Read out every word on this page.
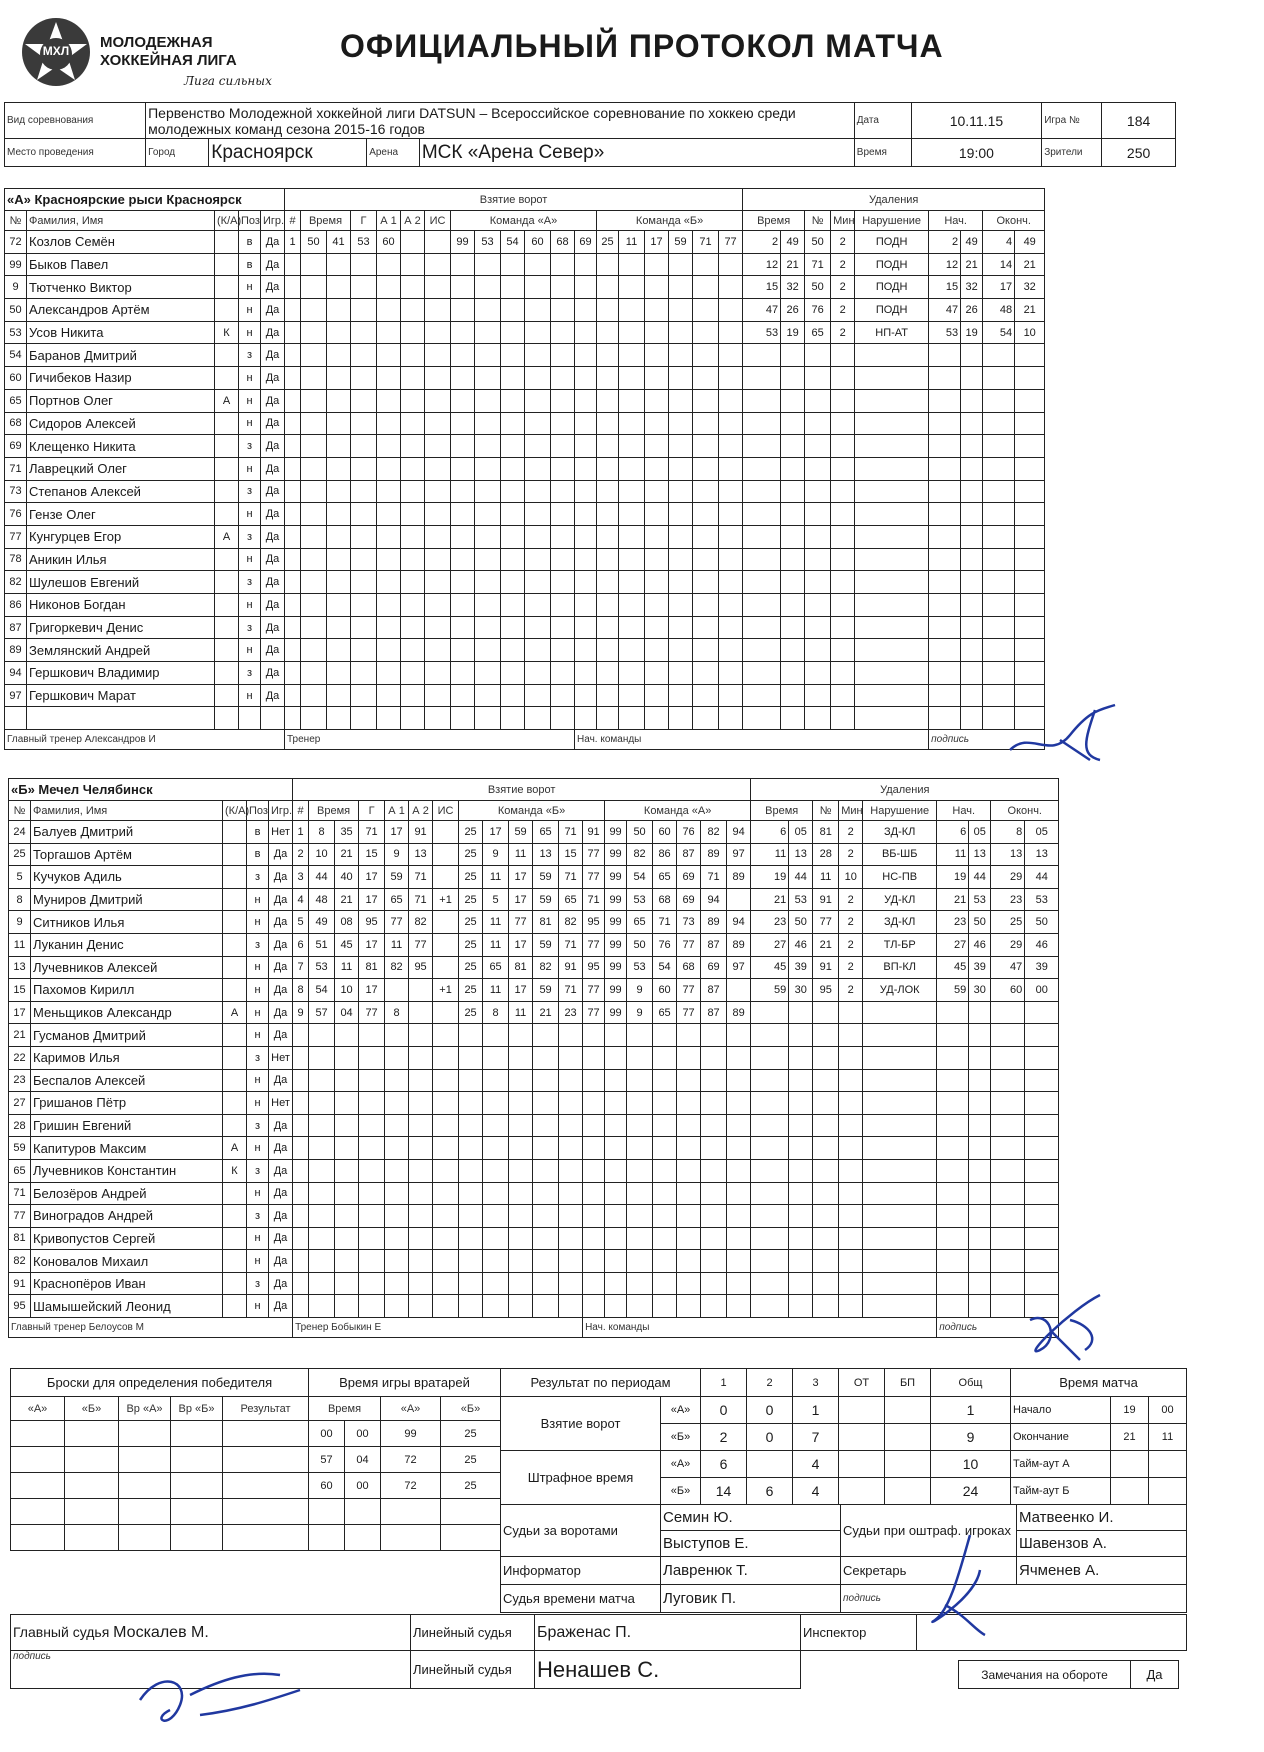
МХЛ	МОЛОДЕЖНАЯ
ХОККЕЙНАЯ ЛИГА
Лига сильных
ОФИЦИАЛЬНЫЙ ПРОТОКОЛ МАТЧА
Вид соревнования	Первенство Молодежной хоккейной лиги DATSUN – Всероссийское соревнование по хоккею среди молодежных команд сезона 2015-16 годов				Дата	10.11.15	Игра №	184
Место проведения	Город	Красноярск	Арена	МСК «Арена Север»	Время	19:00	Зрители	250
«А» Красноярские рыси Красноярск					Взятие ворот																			Удаления								
№	Фамилия, Имя	(К/А)	Поз	Игр.	#	Время		Г	А 1	А 2	ИС	Команда «А»						Команда «Б»						Время		№	Мин	Нарушение	Нач.		Оконч.	
72	Козлов Семён		в	Да	1	50	41	53	60			99	53	54	60	68	69	25	11	17	59	71	77	2	49	50	2	ПОДН	2	49	4	49
99	Быков Павел		в	Да																				12	21	71	2	ПОДН	12	21	14	21
9	Тютченко Виктор		н	Да																				15	32	50	2	ПОДН	15	32	17	32
50	Александров Артём		н	Да																				47	26	76	2	ПОДН	47	26	48	21
53	Усов Никита	К	н	Да																				53	19	65	2	НП-АТ	53	19	54	10
54	Баранов Дмитрий		з	Да																												
60	Гичибеков Назир		н	Да																												
65	Портнов Олег	А	н	Да																												
68	Сидоров Алексей		н	Да																												
69	Клещенко Никита		з	Да																												
71	Лаврецкий Олег		н	Да																												
73	Степанов Алексей		з	Да																												
76	Гензе Олег		н	Да																												
77	Кунгурцев Егор	А	з	Да																												
78	Аникин Илья		н	Да																												
82	Шулешов Евгений		з	Да																												
86	Никонов Богдан		н	Да																												
87	Григоркевич Денис		з	Да																												
89	Землянский Андрей		н	Да																												
94	Гершкович Владимир		з	Да																												
97	Гершкович Марат		н	Да																												

Главный тренер Александров И					Тренер												Нач. команды												подпись			
«Б» Мечел Челябинск					Взятие ворот																			Удаления								
№	Фамилия, Имя	(К/А)	Поз	Игр.	#	Время		Г	А 1	А 2	ИС	Команда «Б»						Команда «А»						Время		№	Мин	Нарушение	Нач.		Оконч.	
24	Балуев Дмитрий		в	Нет	1	8	35	71	17	91		25	17	59	65	71	91	99	50	60	76	82	94	6	05	81	2	ЗД-КЛ	6	05	8	05
25	Торгашов Артём		в	Да	2	10	21	15	9	13		25	9	11	13	15	77	99	82	86	87	89	97	11	13	28	2	ВБ-ШБ	11	13	13	13
5	Кучуков Адиль		з	Да	3	44	40	17	59	71		25	11	17	59	71	77	99	54	65	69	71	89	19	44	11	10	НС-ПВ	19	44	29	44
8	Муниров Дмитрий		н	Да	4	48	21	17	65	71	+1	25	5	17	59	65	71	99	53	68	69	94		21	53	91	2	УД-КЛ	21	53	23	53
9	Ситников Илья		н	Да	5	49	08	95	77	82		25	11	77	81	82	95	99	65	71	73	89	94	23	50	77	2	ЗД-КЛ	23	50	25	50
11	Луканин Денис		з	Да	6	51	45	17	11	77		25	11	17	59	71	77	99	50	76	77	87	89	27	46	21	2	ТЛ-БР	27	46	29	46
13	Лучевников Алексей		н	Да	7	53	11	81	82	95		25	65	81	82	91	95	99	53	54	68	69	97	45	39	91	2	ВП-КЛ	45	39	47	39
15	Пахомов Кирилл		н	Да	8	54	10	17			+1	25	11	17	59	71	77	99	9	60	77	87		59	30	95	2	УД-ЛОК	59	30	60	00
17	Меньщиков Александр	А	н	Да	9	57	04	77	8			25	8	11	21	23	77	99	9	65	77	87	89									
21	Гусманов Дмитрий		н	Да																												
22	Каримов Илья		з	Нет																												
23	Беспалов Алексей		н	Да																												
27	Гришанов Пётр		н	Нет																												
28	Гришин Евгений		з	Да																												
59	Капитуров Максим	А	н	Да																												
65	Лучевников Константин	К	з	Да																												
71	Белозёров Андрей		н	Да																												
77	Виноградов Андрей		з	Да																												
81	Кривопустов Сергей		н	Да																												
82	Коновалов Михаил		н	Да																												
91	Краснопёров Иван		з	Да																												
95	Шамышейский Леонид		н	Да																												
Главный тренер Белоусов М					Тренер Бобыкин Е												Нач. команды												подпись			
Броски для определения победителя				
«А»	«Б»	Вр «А»	Вр «Б»	Результат

Время игры вратарей			
Время		«А»	«Б»
00	00	99	25
57	04	72	25
60	00	72	25

Результат по периодам		1	2	3	ОТ	БП	Общ
Взятие ворот	«А»	0	0	1			1
	«Б»	2	0	7			9
Штрафное время	«А»	6		4			10
	«Б»	14	6	4			24
Время матча		
Начало	19	00
Окончание	21	11
Тайм-аут А		
Тайм-аут Б		
Судьи за воротами	Семин Ю.	Судьи при оштраф. игроках	Матвеенко И.
	Выступов Е.		Шавензов А.
Информатор	Лавренюк Т.	Секретарь	Ячменев А.
Судья времени матча	Луговик П.	подпись	
Главный судья Москалев М.	Линейный судья	Браженас П.	Инспектор	
подпись	Линейный судья	Ненашев С.			Замечания на обороте	Да
